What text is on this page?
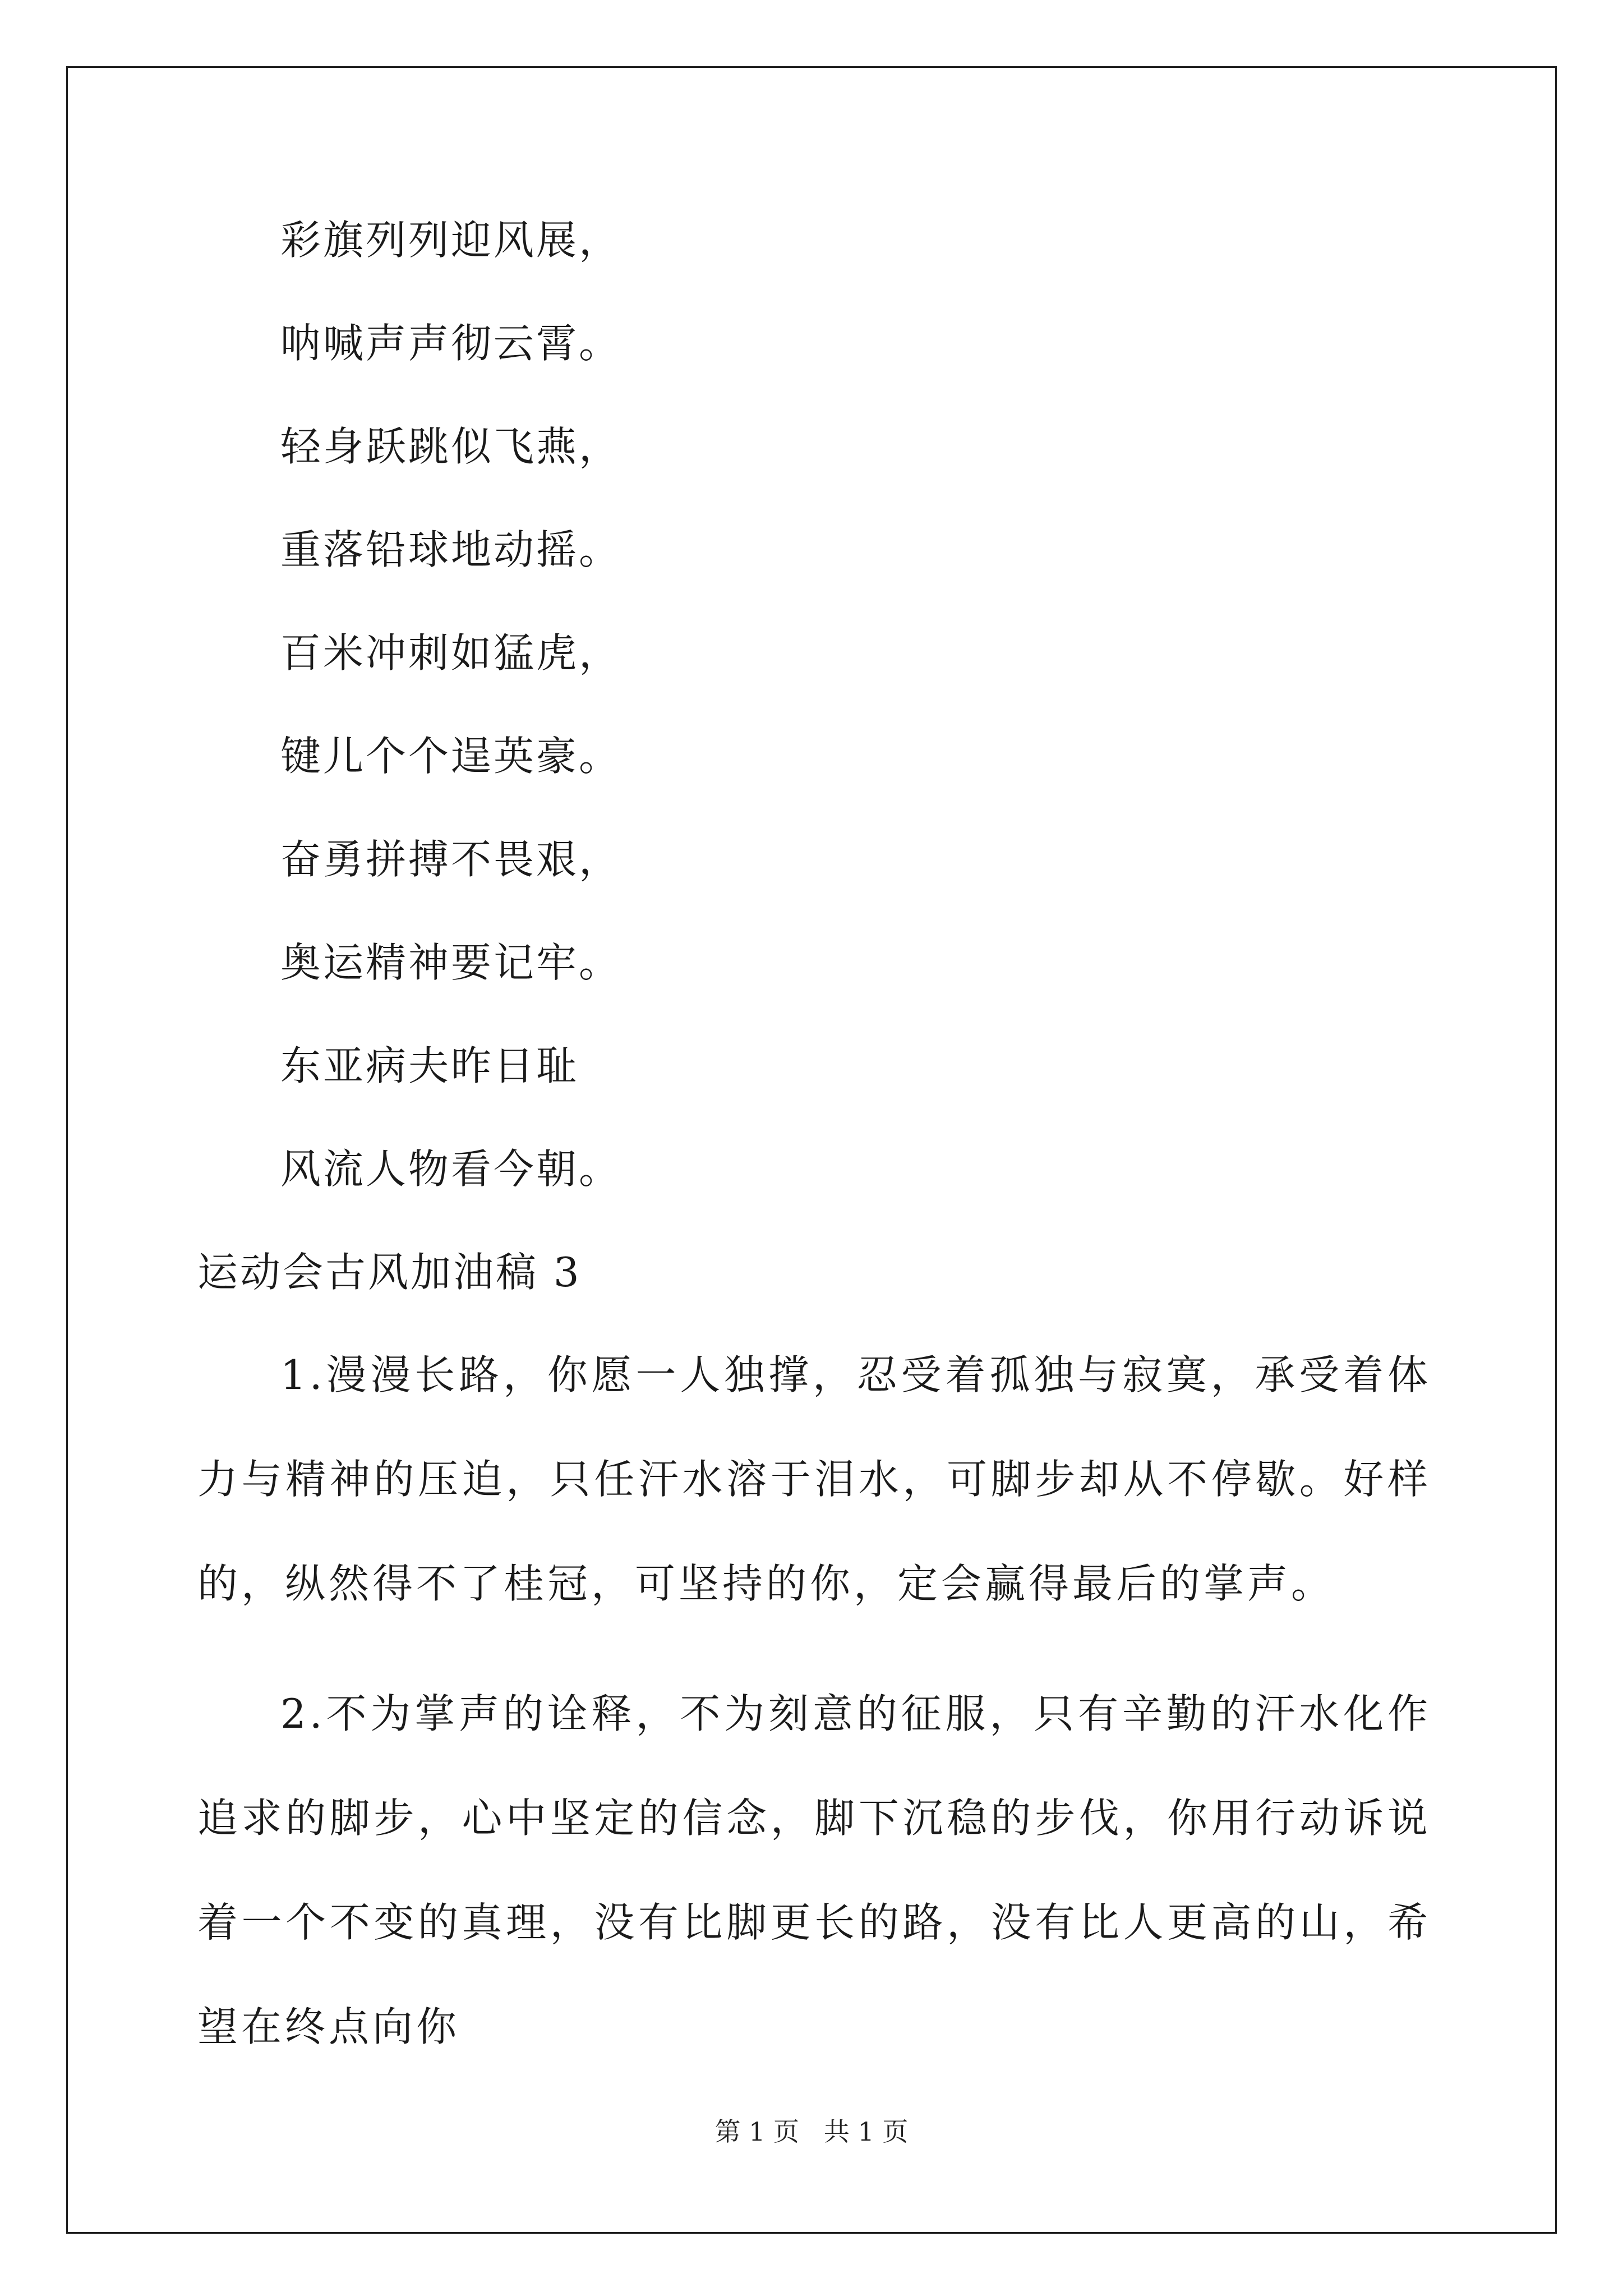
彩旗列列迎风展，
呐喊声声彻云霄。
轻身跃跳似飞燕，
重落铅球地动摇。
百米冲刺如猛虎，
键儿个个逞英豪。
奋勇拼搏不畏艰，
奥运精神要记牢。
东亚病夫昨日耻
风流人物看今朝。
运动会古风加油稿 3
1.漫漫长路，你愿一人独撑，忍受着孤独与寂寞，承受着体力与精神的压迫，只任汗水溶于泪水，可脚步却从不停歇。好样的，纵然得不了桂冠，可坚持的你，定会赢得最后的掌声。
2.不为掌声的诠释，不为刻意的征服，只有辛勤的汗水化作追求的脚步，心中坚定的信念，脚下沉稳的步伐，你用行动诉说着一个不变的真理，没有比脚更长的路，没有比人更高的山，希望在终点向你
第 1 页   共 1 页
